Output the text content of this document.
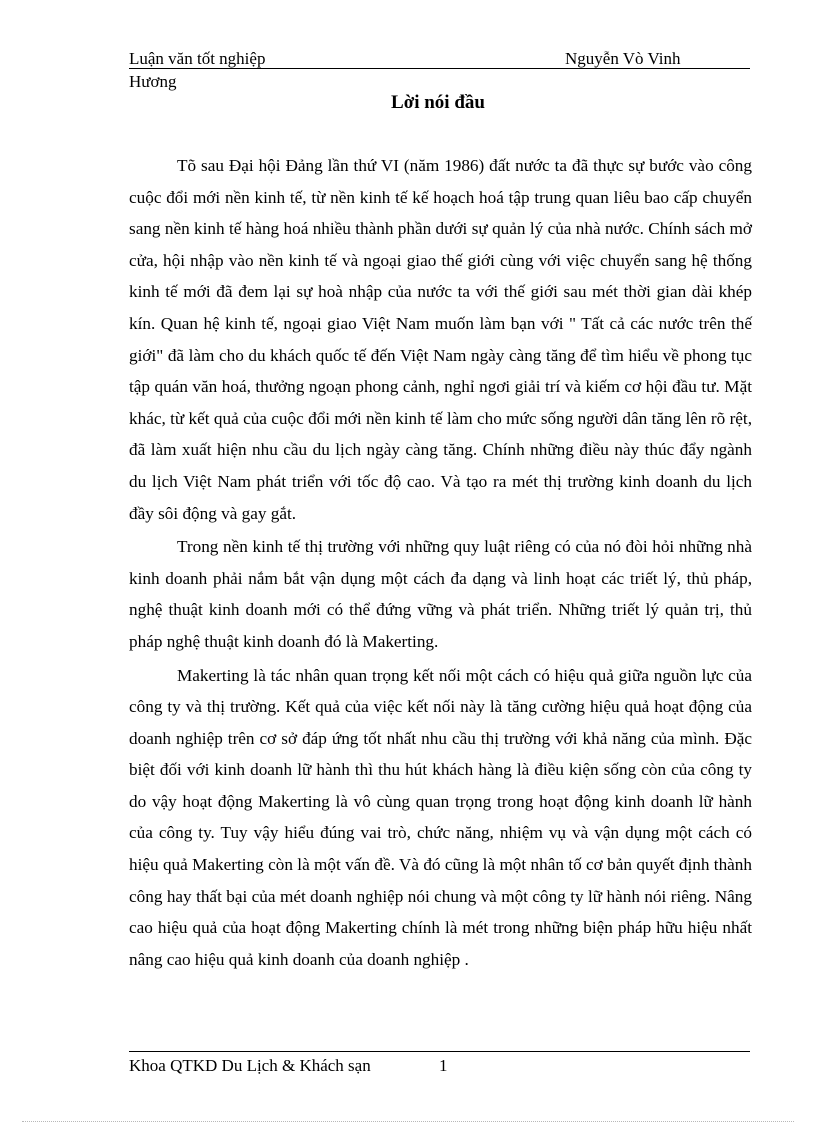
Luận văn tốt nghiệp	Nguyễn Vò Vinh
Hương
Lời nói đầu

Tõ sau Đại hội Đảng lần thứ VI (năm 1986) đất nước ta đã thực sự bước vào công cuộc đổi mới nền kinh tế, từ nền kinh tế kế hoạch hoá tập trung quan liêu bao cấp chuyển sang nền kinh tế hàng hoá nhiều thành phần dưới sự quản lý của nhà nước. Chính sách mở cửa, hội nhập vào nền kinh tế và ngoại giao thế giới cùng với việc chuyển sang hệ thống kinh tế mới đã đem lại sự hoà nhập của nước ta với thế giới sau mét thời gian dài khép kín. Quan hệ kinh tế, ngoại giao Việt Nam muốn làm bạn với " Tất cả các nước trên thế giới" đã làm cho du khách quốc tế đến Việt Nam ngày càng tăng để tìm hiểu về phong tục tập quán văn hoá, thưởng ngoạn phong cảnh, nghỉ ngơi giải trí và kiếm cơ hội đầu tư. Mặt khác, từ kết quả của cuộc đổi mới nền kinh tế làm cho mức sống người dân tăng lên rõ rệt, đã làm xuất hiện nhu cầu du lịch ngày càng tăng. Chính những điều này thúc đẩy ngành du lịch Việt Nam phát triển với tốc độ cao. Và tạo ra mét thị trường kinh doanh du lịch đầy sôi động và gay gắt.

Trong nền kinh tế thị trường với những quy luật riêng có của nó đòi hỏi những nhà kinh doanh phải nắm bắt vận dụng một cách đa dạng và linh hoạt các triết lý, thủ pháp, nghệ thuật kinh doanh mới có thể đứng vững và phát triển. Những triết lý quản trị, thủ pháp nghệ thuật kinh doanh đó là Makerting.

Makerting là tác nhân quan trọng kết nối một cách có hiệu quả giữa nguồn lực của công ty và thị trường. Kết quả của việc kết nối này là tăng cường hiệu quả hoạt động của doanh nghiệp trên cơ sở đáp ứng tốt nhất nhu cầu thị trường với khả năng của mình. Đặc biệt đối với kinh doanh lữ hành thì thu hút khách hàng là điều kiện sống còn của công ty do vậy hoạt động Makerting là vô cùng quan trọng trong hoạt động kinh doanh lữ hành của công ty. Tuy vậy hiểu đúng vai trò, chức năng, nhiệm vụ và vận dụng một cách có hiệu quả Makerting còn là một vấn đề. Và đó cũng là một nhân tố cơ bản quyết định thành công hay thất bại của mét doanh nghiệp nói chung và một công ty lữ hành nói riêng. Nâng cao hiệu quả của hoạt động Makerting chính là mét trong những biện pháp hữu hiệu nhất nâng cao hiệu quả kinh doanh của doanh nghiệp .

Khoa QTKD Du Lịch & Khách sạn	1
